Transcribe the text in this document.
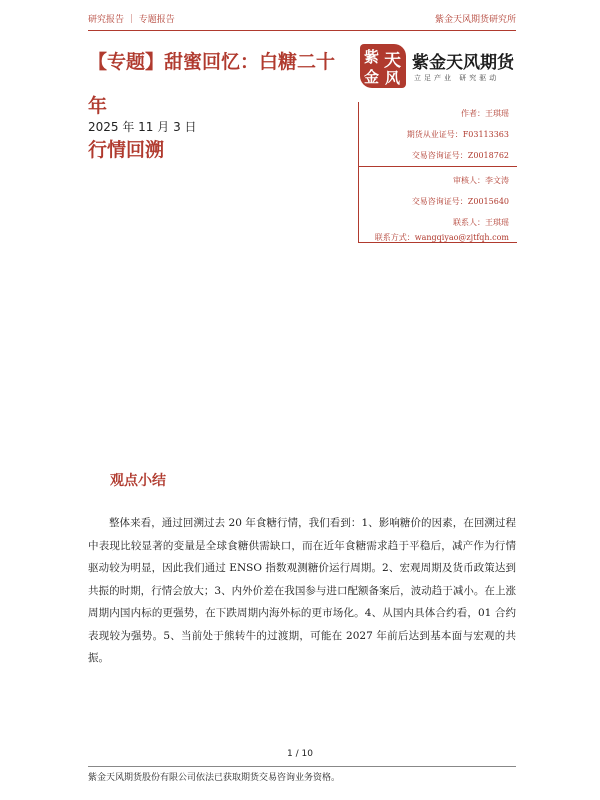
研究报告 ｜ 专题报告	紫金天风期货研究所
【专题】甜蜜回忆：白糖二十年
行情回溯
2025 年 11 月 3 日
紫 天
金 风
紫金天风期货
立足产业 研究驱动
作者：王琪瑶
期货从业证号：F03113363
交易咨询证号：Z0018762
审核人：李文涛
交易咨询证号：Z0015640
联系人：王琪瑶
联系方式：wangqiyao@zjtfqh.com
观点小结

整体来看，通过回溯过去 20 年食糖行情，我们看到：1、影响糖价的因素，在回溯过程中表现比较显著的变量是全球食糖供需缺口，而在近年食糖需求趋于平稳后，减产作为行情驱动较为明显，因此我们通过 ENSO 指数观测糖价运行周期。2、宏观周期及货币政策达到共振的时期，行情会放大；3、内外价差在我国参与进口配额备案后，波动趋于减小。在上涨周期内国内标的更强势，在下跌周期内海外标的更市场化。4、从国内具体合约看，01 合约表现较为强势。5、当前处于熊转牛的过渡期，可能在 2027 年前后达到基本面与宏观的共振。

1 / 10
紫金天风期货股份有限公司依法已获取期货交易咨询业务资格。
